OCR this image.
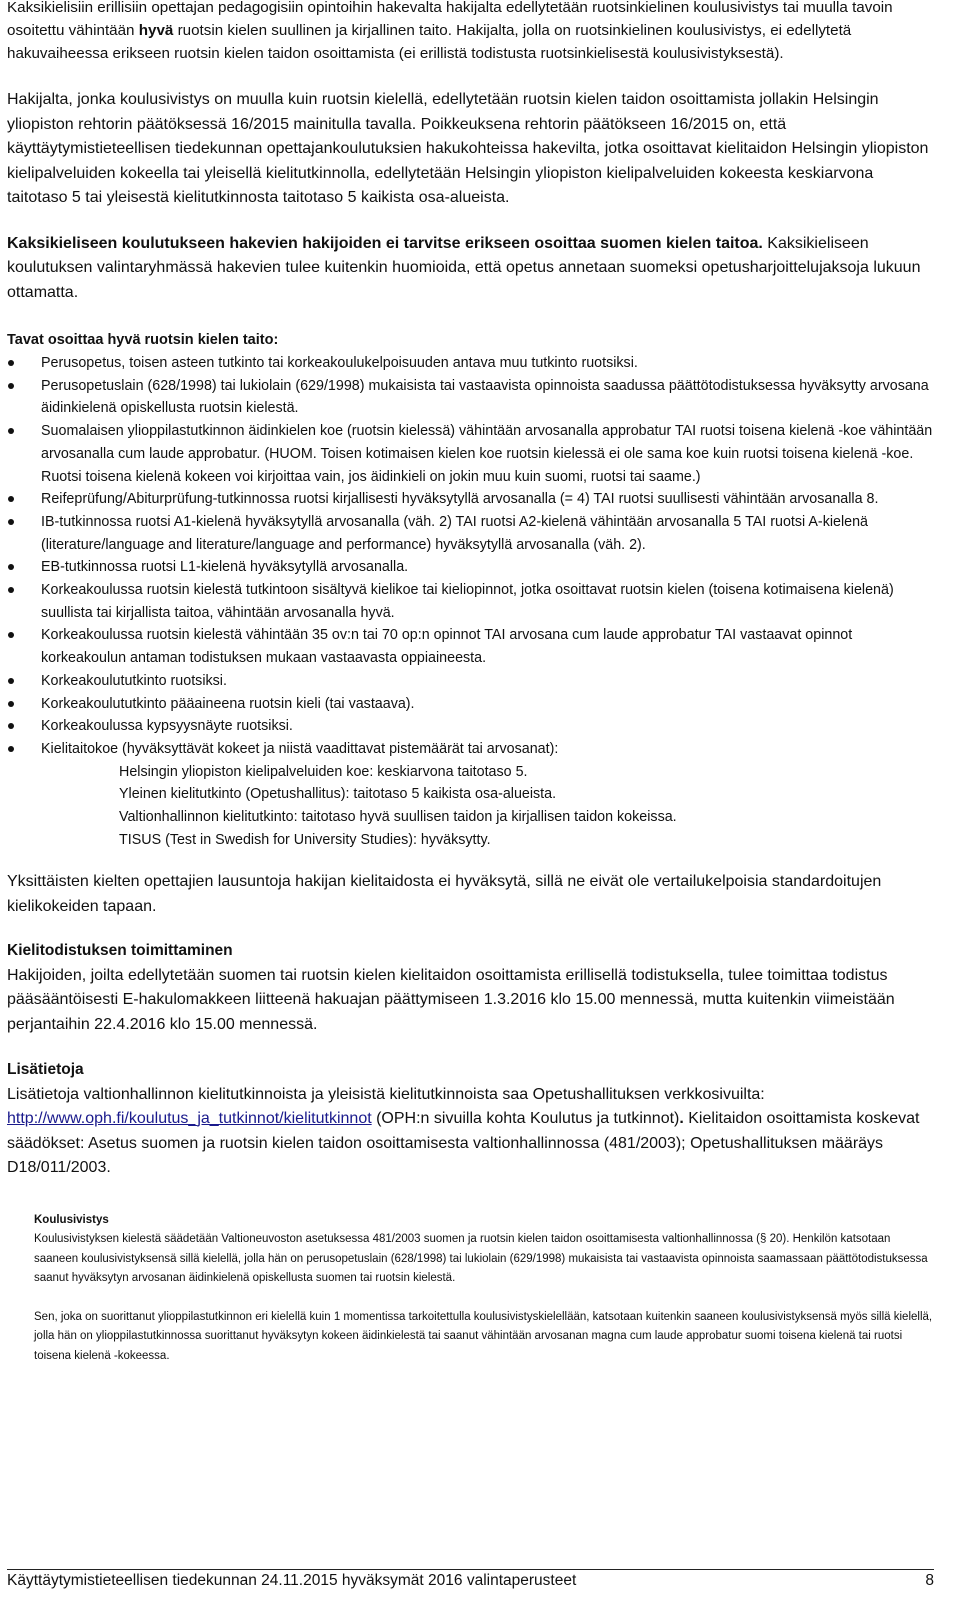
Kaksikielisiin erillisiin opettajan pedagogisiin opintoihin hakevalta hakijalta edellytetään ruotsinkielinen koulusivistys tai muulla tavoin osoitettu vähintään hyvä ruotsin kielen suullinen ja kirjallinen taito. Hakijalta, jolla on ruotsinkielinen koulusivistys, ei edellytetä hakuvaiheessa erikseen ruotsin kielen taidon osoittamista (ei erillistä todistusta ruotsinkielisestä koulusivistyksestä).

Hakijalta, jonka koulusivistys on muulla kuin ruotsin kielellä, edellytetään ruotsin kielen taidon osoittamista jollakin Helsingin yliopiston rehtorin päätöksessä 16/2015 mainitulla tavalla. Poikkeuksena rehtorin päätökseen 16/2015 on, että käyttäytymistieteellisen tiedekunnan opettajankoulutuksien hakukohteissa hakevilta, jotka osoittavat kielitaidon Helsingin yliopiston kielipalveluiden kokeella tai yleisellä kielitutkinnolla, edellytetään Helsingin yliopiston kielipalveluiden kokeesta keskiarvona taitotaso 5 tai yleisestä kielitutkinnosta taitotaso 5 kaikista osa-alueista.

Kaksikieliseen koulutukseen hakevien hakijoiden ei tarvitse erikseen osoittaa suomen kielen taitoa. Kaksikieliseen koulutuksen valintaryhmässä hakevien tulee kuitenkin huomioida, että opetus annetaan suomeksi opetusharjoittelujaksoja lukuun ottamatta.

Tavat osoittaa hyvä ruotsin kielen taito:

Perusopetus, toisen asteen tutkinto tai korkeakoulukelpoisuuden antava muu tutkinto ruotsiksi.
Perusopetuslain (628/1998) tai lukiolain (629/1998) mukaisista tai vastaavista opinnoista saadussa päättötodistuksessa hyväksytty arvosana äidinkielenä opiskellusta ruotsin kielestä.
Suomalaisen ylioppilastutkinnon äidinkielen koe (ruotsin kielessä) vähintään arvosanalla approbatur TAI ruotsi toisena kielenä -koe vähintään arvosanalla cum laude approbatur. (HUOM. Toisen kotimaisen kielen koe ruotsin kielessä ei ole sama koe kuin ruotsi toisena kielenä -koe. Ruotsi toisena kielenä kokeen voi kirjoittaa vain, jos äidinkieli on jokin muu kuin suomi, ruotsi tai saame.)
Reifeprüfung/Abiturprüfung-tutkinnossa ruotsi kirjallisesti hyväksytyllä arvosanalla (= 4) TAI ruotsi suullisesti vähintään arvosanalla 8.
IB-tutkinnossa ruotsi A1-kielenä hyväksytyllä arvosanalla (väh. 2) TAI ruotsi A2-kielenä vähintään arvosanalla 5 TAI ruotsi A-kielenä (literature/language and literature/language and performance) hyväksytyllä arvosanalla (väh. 2).
EB-tutkinnossa ruotsi L1-kielenä hyväksytyllä arvosanalla.
Korkeakoulussa ruotsin kielestä tutkintoon sisältyvä kielikoe tai kieliopinnot, jotka osoittavat ruotsin kielen (toisena kotimaisena kielenä) suullista tai kirjallista taitoa, vähintään arvosanalla hyvä.
Korkeakoulussa ruotsin kielestä vähintään 35 ov:n tai 70 op:n opinnot TAI arvosana cum laude approbatur TAI vastaavat opinnot korkeakoulun antaman todistuksen mukaan vastaavasta oppiaineesta.
Korkeakoulututkinto ruotsiksi.
Korkeakoulututkinto pääaineena ruotsin kieli (tai vastaava).
Korkeakoulussa kypsyysnäyte ruotsiksi.
Kielitaitokoe (hyväksyttävät kokeet ja niistä vaadittavat pistemäärät tai arvosanat):
Helsingin yliopiston kielipalveluiden koe: keskiarvona taitotaso 5.
Yleinen kielitutkinto (Opetushallitus): taitotaso 5 kaikista osa-alueista.
Valtionhallinnon kielitutkinto: taitotaso hyvä suullisen taidon ja kirjallisen taidon kokeissa.
TISUS (Test in Swedish for University Studies): hyväksytty.

Yksittäisten kielten opettajien lausuntoja hakijan kielitaidosta ei hyväksytä, sillä ne eivät ole vertailukelpoisia standardoitujen kielikokeiden tapaan.

Kielitodistuksen toimittaminen

Hakijoiden, joilta edellytetään suomen tai ruotsin kielen kielitaidon osoittamista erillisellä todistuksella, tulee toimittaa todistus pääsääntöisesti E-hakulomakkeen liitteenä hakuajan päättymiseen 1.3.2016 klo 15.00 mennessä, mutta kuitenkin viimeistään perjantaihin 22.4.2016 klo 15.00 mennessä.

Lisätietoja

Lisätietoja valtionhallinnon kielitutkinnoista ja yleisistä kielitutkinnoista saa Opetushallituksen verkkosivuilta: http://www.oph.fi/koulutus_ja_tutkinnot/kielitutkinnot (OPH:n sivuilla kohta Koulutus ja tutkinnot). Kielitaidon osoittamista koskevat säädökset: Asetus suomen ja ruotsin kielen taidon osoittamisesta valtionhallinnossa (481/2003); Opetushallituksen määräys D18/011/2003.

Koulusivistys

Koulusivistyksen kielestä säädetään Valtioneuvoston asetuksessa 481/2003 suomen ja ruotsin kielen taidon osoittamisesta valtionhallinnossa (§ 20). Henkilön katsotaan saaneen koulusivistyksensä sillä kielellä, jolla hän on perusopetuslain (628/1998) tai lukiolain (629/1998) mukaisista tai vastaavista opinnoista saamassaan päättötodistuksessa saanut hyväksytyn arvosanan äidinkielenä opiskellusta suomen tai ruotsin kielestä.

Sen, joka on suorittanut ylioppilastutkinnon eri kielellä kuin 1 momentissa tarkoitettulla koulusivistyskielellään, katsotaan kuitenkin saaneen koulusivistyksensä myös sillä kielellä, jolla hän on ylioppilastutkinnossa suorittanut hyväksytyn kokeen äidinkielestä tai saanut vähintään arvosanan magna cum laude approbatur suomi toisena kielenä tai ruotsi toisena kielenä -kokeessa.

Käyttäytymistieteellisen tiedekunnan 24.11.2015 hyväksymät 2016 valintaperusteet	8
